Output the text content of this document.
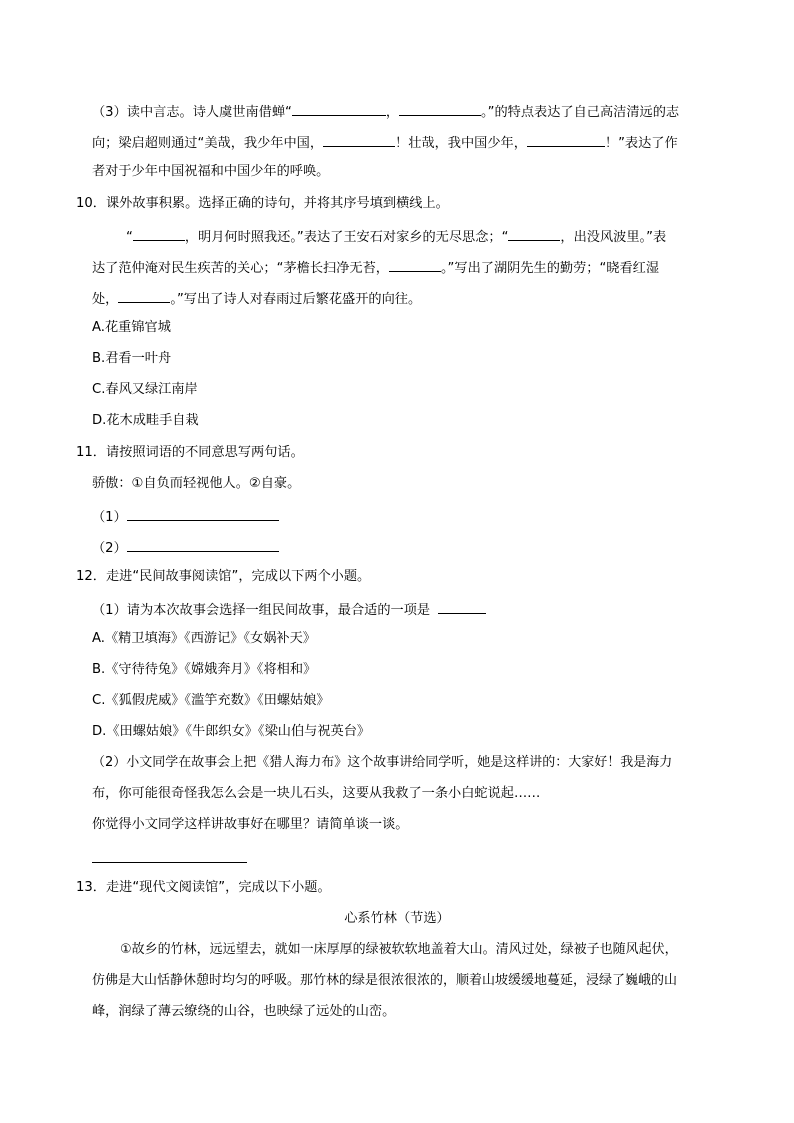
（3）读中言志。诗人虞世南借蝉“	，	。”的特点表达了自己高洁清远的志
向；梁启超则通过“美哉，我少年中国，	！壮哉，我中国少年，	！”表达了作
者对于少年中国祝福和中国少年的呼唤。
10．课外故事积累。选择正确的诗句，并将其序号填到横线上。
“	，明月何时照我还。”表达了王安石对家乡的无尽思念；“	，出没风波里。”表
达了范仲淹对民生疾苦的关心；“茅檐长扫净无苔，	。”写出了湖阴先生的勤劳；“晓看红湿
处，	。”写出了诗人对春雨过后繁花盛开的向往。
A.花重锦官城
B.君看一叶舟
C.春风又绿江南岸
D.花木成畦手自栽
11．请按照词语的不同意思写两句话。
骄傲：①自负而轻视他人。②自豪。
（1）
（2）
12．走进“民间故事阅读馆”，完成以下两个小题。
（1）请为本次故事会选择一组民间故事，最合适的一项是
A.《精卫填海》《西游记》《女娲补天》
B.《守待待兔》《嫦娥奔月》《将相和》
C.《狐假虎威》《滥竽充数》《田螺姑娘》
D.《田螺姑娘》《牛郎织女》《梁山伯与祝英台》
（2）小文同学在故事会上把《猎人海力布》这个故事讲给同学听，她是这样讲的：大家好！我是海力
布，你可能很奇怪我怎么会是一块儿石头，这要从我救了一条小白蛇说起……
你觉得小文同学这样讲故事好在哪里？请简单谈一谈。
13．走进“现代文阅读馆”，完成以下小题。
心系竹林（节选）
①故乡的竹林，远远望去，就如一床厚厚的绿被软软地盖着大山。清风过处，绿被子也随风起伏，
仿佛是大山恬静休憩时均匀的呼吸。那竹林的绿是很浓很浓的，顺着山坡缓缓地蔓延，浸绿了巍峨的山
峰，润绿了薄云缭绕的山谷，也映绿了远处的山峦。
